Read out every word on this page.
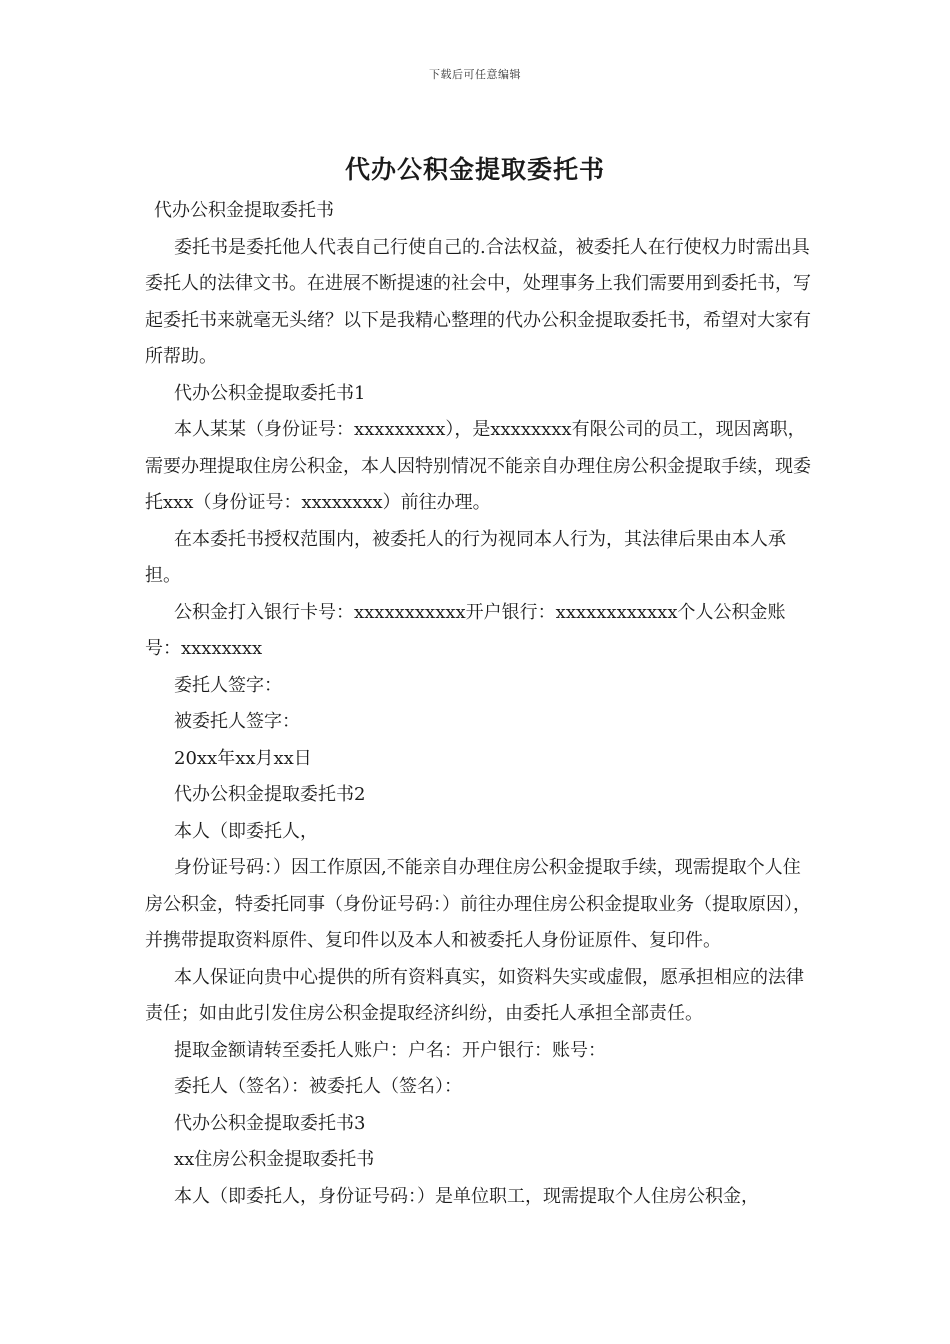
下载后可任意编辑
代办公积金提取委托书

代办公积金提取委托书

委托书是委托他人代表自己行使自己的.合法权益，被委托人在行使权力时需出具委托人的法律文书。在进展不断提速的社会中，处理事务上我们需要用到委托书，写起委托书来就毫无头绪？以下是我精心整理的代办公积金提取委托书，希望对大家有所帮助。

代办公积金提取委托书1

本人某某（身份证号：xxxxxxxxx），是xxxxxxxx有限公司的员工，现因离职，需要办理提取住房公积金，本人因特别情况不能亲自办理住房公积金提取手续，现委托xxx（身份证号：xxxxxxxx）前往办理。

在本委托书授权范围内，被委托人的行为视同本人行为，其法律后果由本人承担。

公积金打入银行卡号：xxxxxxxxxxx开户银行：xxxxxxxxxxxx个人公积金账号：xxxxxxxx

委托人签字：

被委托人签字：

20xx年xx月xx日

代办公积金提取委托书2

本人（即委托人，

身份证号码：）因工作原因,不能亲自办理住房公积金提取手续，现需提取个人住房公积金，特委托同事（身份证号码：）前往办理住房公积金提取业务（提取原因），并携带提取资料原件、复印件以及本人和被委托人身份证原件、复印件。

本人保证向贵中心提供的所有资料真实，如资料失实或虚假，愿承担相应的法律责任；如由此引发住房公积金提取经济纠纷，由委托人承担全部责任。

提取金额请转至委托人账户：户名：开户银行：账号：

委托人（签名）：被委托人（签名）：

代办公积金提取委托书3

xx住房公积金提取委托书

本人（即委托人，身份证号码：）是单位职工，现需提取个人住房公积金，
